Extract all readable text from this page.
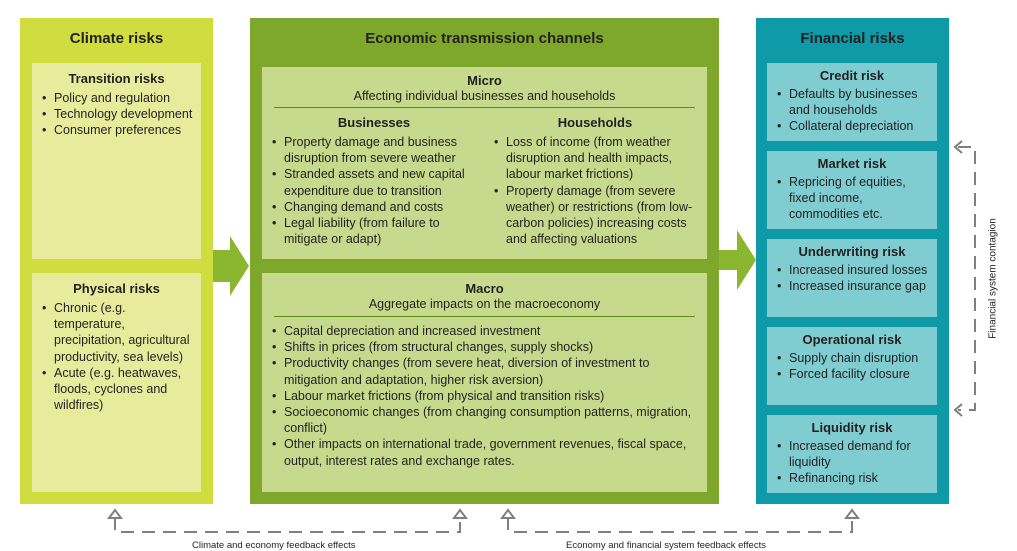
Climate risks
Transition risks
• Policy and regulation
• Technology development
• Consumer preferences
Physical risks
• Chronic (e.g. temperature, precipitation, agricultural productivity, sea levels)
• Acute (e.g. heatwaves, floods, cyclones and wildfires)
Economic transmission channels
Micro
Affecting individual businesses and households
Businesses
• Property damage and business disruption from severe weather
• Stranded assets and new capital expenditure due to transition
• Changing demand and costs
• Legal liability (from failure to mitigate or adapt)
Households
• Loss of income (from weather disruption and health impacts, labour market frictions)
• Property damage (from severe weather) or restrictions (from low-carbon policies) increasing costs and affecting valuations
Macro
Aggregate impacts on the macroeconomy
• Capital depreciation and increased investment
• Shifts in prices (from structural changes, supply shocks)
• Productivity changes (from severe heat, diversion of investment to mitigation and adaptation, higher risk aversion)
• Labour market frictions (from physical and transition risks)
• Socioeconomic changes (from changing consumption patterns, migration, conflict)
• Other impacts on international trade, government revenues, fiscal space, output, interest rates and exchange rates.
Financial risks
Credit risk
• Defaults by businesses and households
• Collateral depreciation
Market risk
• Repricing of equities, fixed income, commodities etc.
Underwriting risk
• Increased insured losses
• Increased insurance gap
Operational risk
• Supply chain disruption
• Forced facility closure
Liquidity risk
• Increased demand for liquidity
• Refinancing risk
Financial system contagion
Climate and economy feedback effects	Economy and financial system feedback effects
